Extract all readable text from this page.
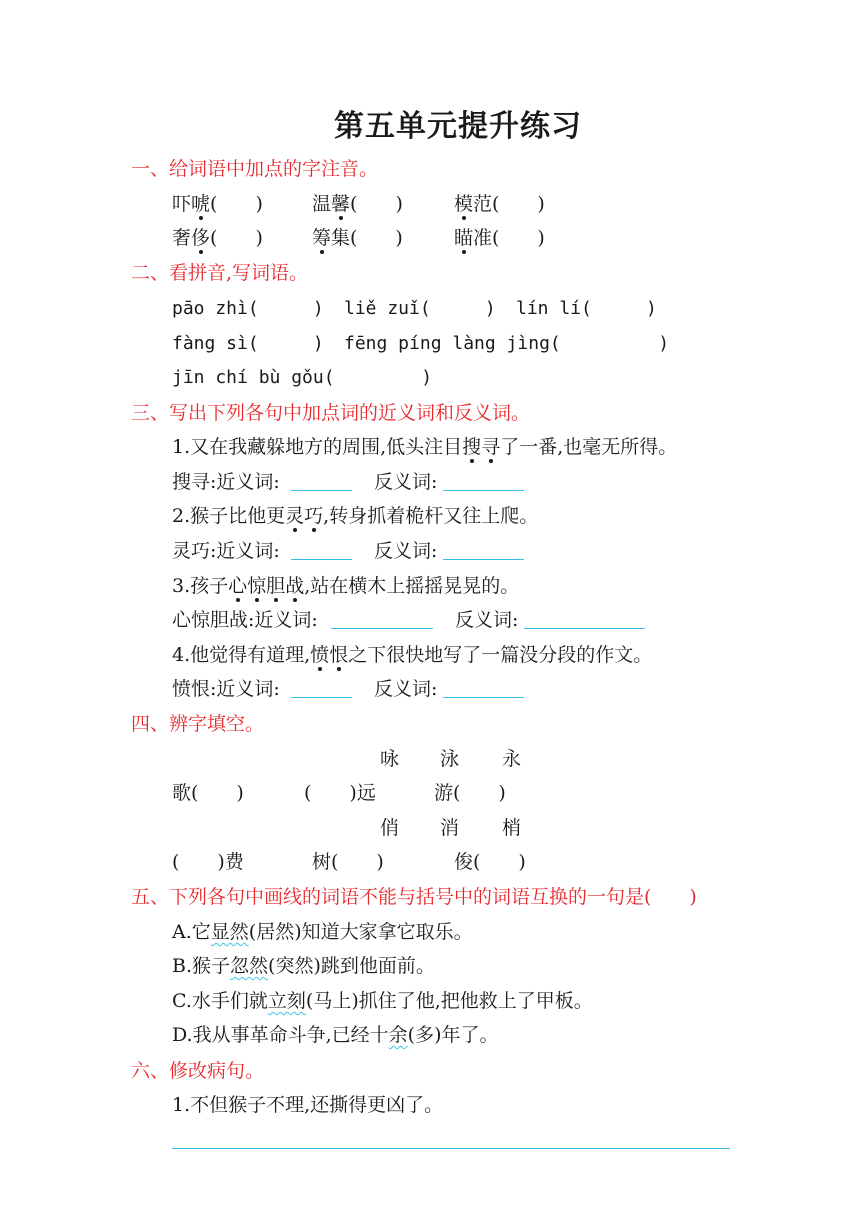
第五单元提升练习
一、给词语中加点的字注音。
吓唬(　　)	温馨(　　)	模范(　　)
奢侈(　　)	筹集(　　)	瞄准(　　)
二、看拼音,写词语。
pāo zhì(     ) liě zuǐ(     ) lín lí(     )
fàng sì(     ) fēng píng làng jìng(         )
jīn chí bù gǒu(        )
三、写出下列各句中加点词的近义词和反义词。
1.又在我藏躲地方的周围,低头注目搜寻了一番,也毫无所得。
搜寻:近义词:	反义词:
2.猴子比他更灵巧,转身抓着桅杆又往上爬。
灵巧:近义词:	反义词:
3.孩子心惊胆战,站在横木上摇摇晃晃的。
心惊胆战:近义词:	反义词:
4.他觉得有道理,愤恨之下很快地写了一篇没分段的作文。
愤恨:近义词:	反义词:
四、辨字填空。
咏 泳 永
歌(　　)	(　　)远	游(　　)
俏 消 梢
(　　)费	树(　　)	俊(　　)
五、下列各句中画线的词语不能与括号中的词语互换的一句是(　　)
A.它显然(居然)知道大家拿它取乐。
B.猴子忽然(突然)跳到他面前。
C.水手们就立刻(马上)抓住了他,把他救上了甲板。
D.我从事革命斗争,已经十余(多)年了。
六、修改病句。
1.不但猴子不理,还撕得更凶了。
